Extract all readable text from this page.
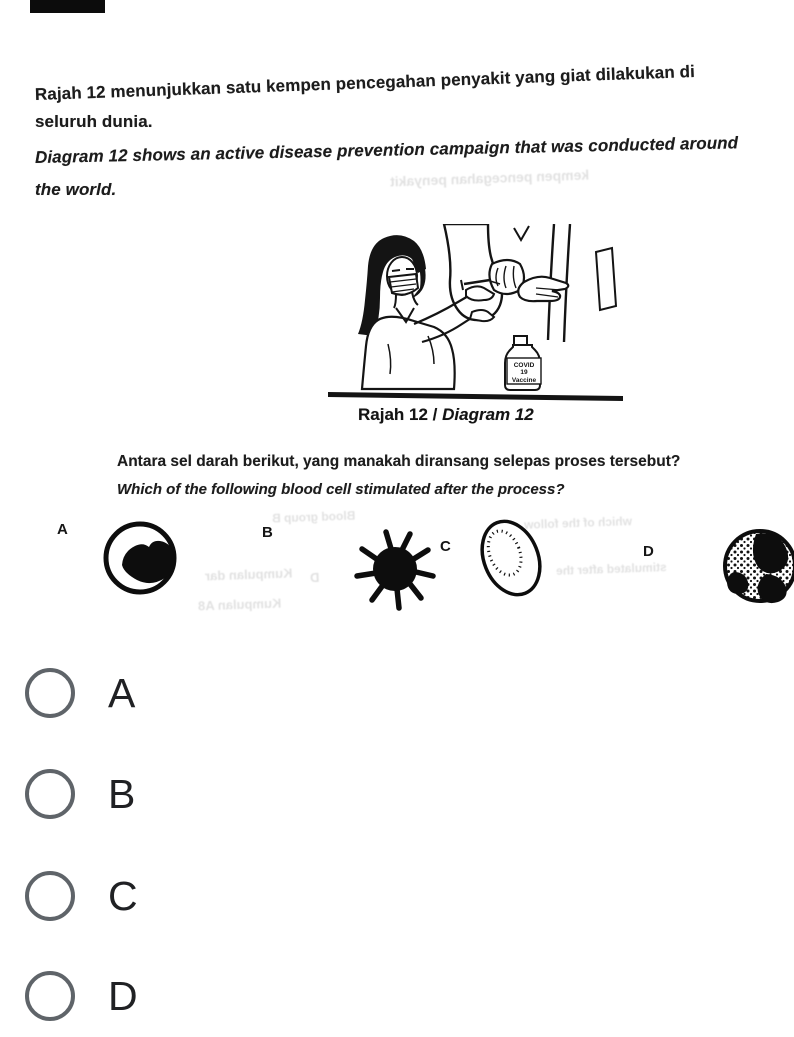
Rajah 12 menunjukkan satu kempen pencegahan penyakit yang giat dilakukan di
seluruh dunia.
Diagram 12 shows an active disease prevention campaign that was conducted around
the world.
kempen pencegahan penyakit
COVID
19
Vaccine
Rajah 12 / Diagram 12
Antara sel darah berikut, yang manakah diransang selepas proses tersebut?
Which of the following blood cell stimulated after the process?
A	B
C	D
Blood group B
Kumpulan dar D
Kumpulan A8
which of the follow
stimulated after the
A
B
C
D
